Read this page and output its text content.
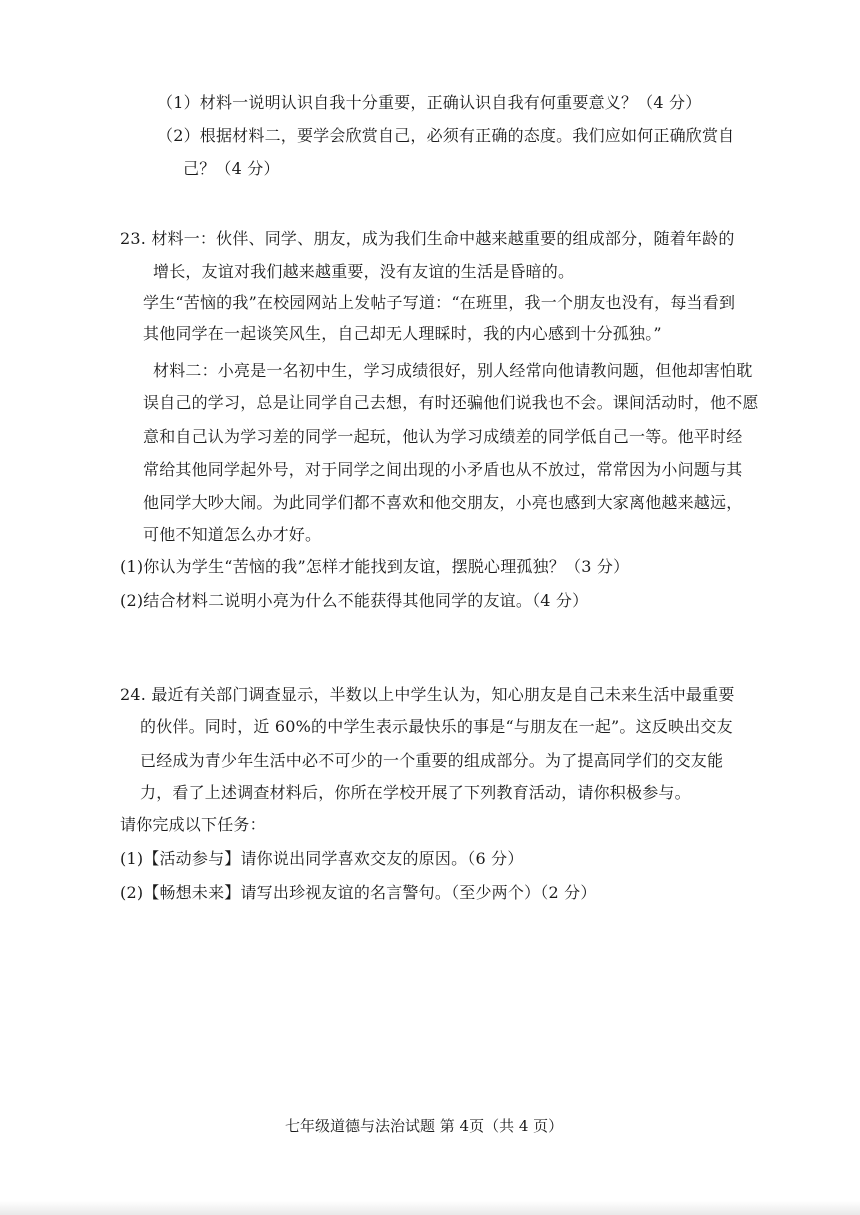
（1）材料一说明认识自我十分重要，正确认识自我有何重要意义？（4 分）
（2）根据材料二，要学会欣赏自己，必须有正确的态度。我们应如何正确欣赏自
己？（4 分）
23. 材料一：伙伴、同学、朋友，成为我们生命中越来越重要的组成部分，随着年龄的
增长，友谊对我们越来越重要，没有友谊的生活是昏暗的。
学生“苦恼的我”在校园网站上发帖子写道：“在班里，我一个朋友也没有，每当看到
其他同学在一起谈笑风生，自己却无人理睬时，我的内心感到十分孤独。”
材料二：小亮是一名初中生，学习成绩很好，别人经常向他请教问题，但他却害怕耽
误自己的学习，总是让同学自己去想，有时还骗他们说我也不会。课间活动时，他不愿
意和自己认为学习差的同学一起玩，他认为学习成绩差的同学低自己一等。他平时经
常给其他同学起外号，对于同学之间出现的小矛盾也从不放过，常常因为小问题与其
他同学大吵大闹。为此同学们都不喜欢和他交朋友，小亮也感到大家离他越来越远，
可他不知道怎么办才好。
(1)你认为学生“苦恼的我”怎样才能找到友谊，摆脱心理孤独？（3 分）
(2)结合材料二说明小亮为什么不能获得其他同学的友谊。（4 分）
24. 最近有关部门调查显示，半数以上中学生认为，知心朋友是自己未来生活中最重要
的伙伴。同时，近 60%的中学生表示最快乐的事是“与朋友在一起”。这反映出交友
已经成为青少年生活中必不可少的一个重要的组成部分。为了提高同学们的交友能
力，看了上述调查材料后，你所在学校开展了下列教育活动，请你积极参与。
请你完成以下任务：
(1)【活动参与】请你说出同学喜欢交友的原因。（6 分）
(2)【畅想未来】请写出珍视友谊的名言警句。（至少两个）（2 分）
七年级道德与法治试题 第 4页（共 4 页）
